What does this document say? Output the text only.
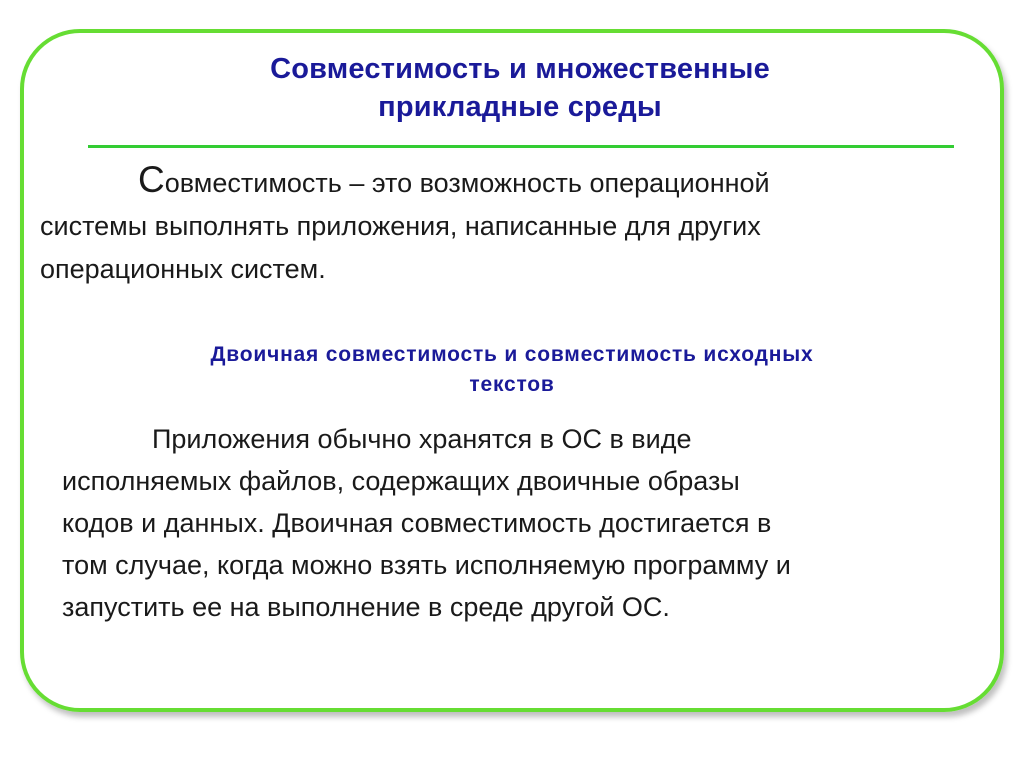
Совместимость и множественные
прикладные среды
Совместимость – это возможность операционной
системы выполнять приложения, написанные для других
операционных систем.
Двоичная совместимость и совместимость исходных
текстов
Приложения обычно хранятся в ОС в виде
исполняемых файлов, содержащих двоичные образы
кодов и данных. Двоичная совместимость достигается в
том случае, когда можно взять исполняемую программу и
запустить ее на выполнение в среде другой ОС.
